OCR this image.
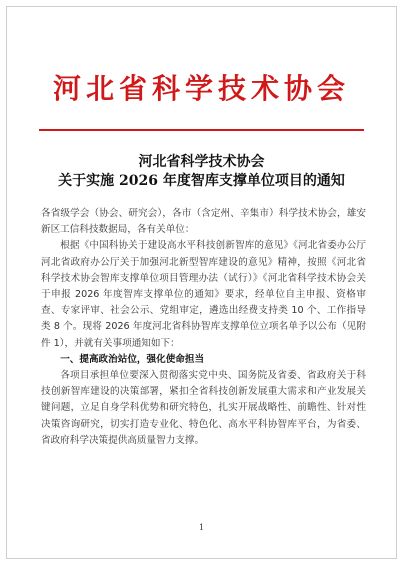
河北省科学技术协会
河北省科学技术协会
关于实施 2026 年度智库支撑单位项目的通知

各省级学会（协会、研究会），各市（含定州、辛集市）科学技术协会，雄安新区工信科技数据局，各有关单位：

根据《中国科协关于建设高水平科技创新智库的意见》《河北省委办公厅 河北省政府办公厅关于加强河北新型智库建设的意见》精神，按照《河北省科学技术协会智库支撑单位项目管理办法（试行）》《河北省科学技术协会关于申报 2026 年度智库支撑单位的通知》要求，经单位自主申报、资格审查、专家评审、社会公示、党组审定，遴选出经费支持类 10 个、工作指导类 8 个。现将 2026 年度河北省科协智库支撑单位立项名单予以公布（见附件 1），并就有关事项通知如下：

一、提高政治站位，强化使命担当

各项目承担单位要深入贯彻落实党中央、国务院及省委、省政府关于科技创新智库建设的决策部署，紧扣全省科技创新发展重大需求和产业发展关键问题，立足自身学科优势和研究特色，扎实开展战略性、前瞻性、针对性决策咨询研究，切实打造专业化、特色化、高水平科协智库平台，为省委、省政府科学决策提供高质量智力支撑。

1
